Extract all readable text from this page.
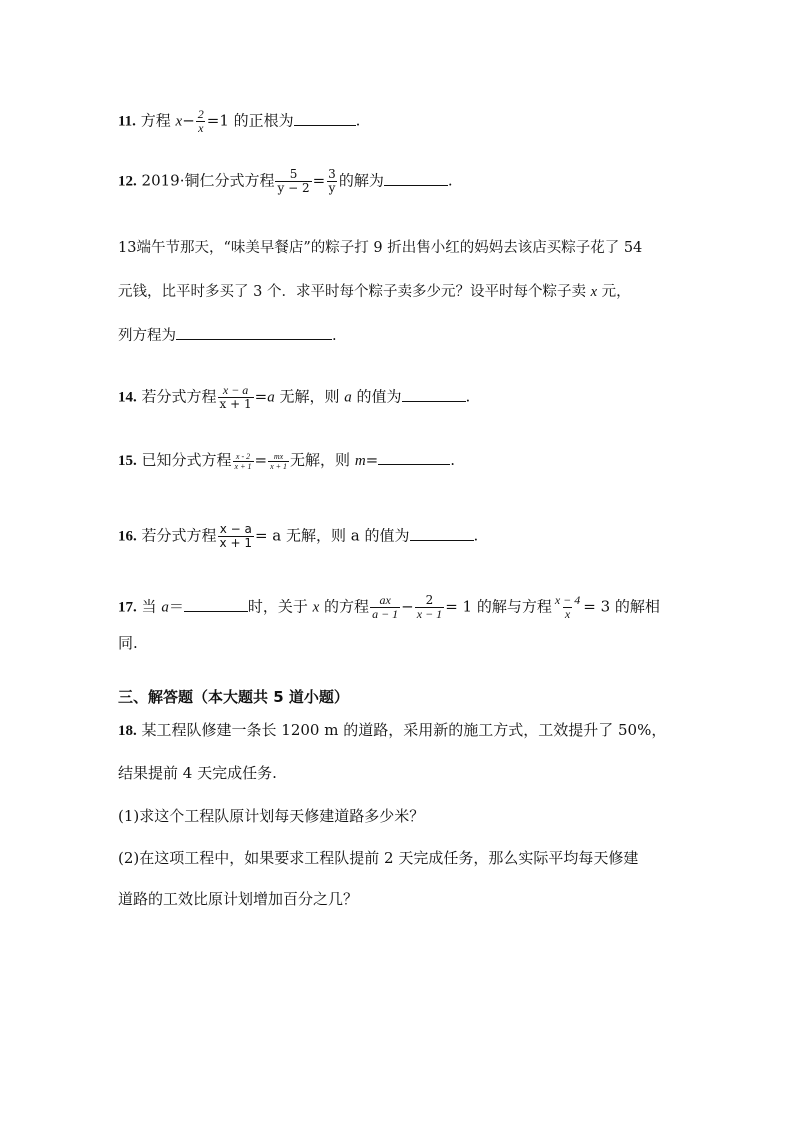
11. 方程 $x- \frac{2}{x} =1$ 的正根为	.
12. 2019·铜仁分式方程 $\frac{5}{y - 2} = \frac{3}{y}$ 的解为	.
13端午节那天，“味美早餐店”的粽子打 9 折出售小红的妈妈去该店买粽子花了 54
元钱，比平时多买了 3 个．求平时每个粽子卖多少元？设平时每个粽子卖 x 元，
列方程为	.
14. 若分式方程 $\frac{x - a}{x + 1} =a$ 无解，则 a 的值为	.
15. 已知分式方程 $\frac{x - 2}{x + 1} = \frac{mx}{x + 1}$ 无解，则 m=	.
16. 若分式方程 $\frac{x - a}{x + 1} = a$ 无解，则 a 的值为	.
17. 当 a＝	时，关于 x 的方程 $\frac{ax}{a - 1} - \frac{2}{x - 1} = 1$ 的解与方程 $\frac{x - 4}{x} = 3$ 的解相
同.
三、解答题（本大题共 5 道小题）
18. 某工程队修建一条长 1200 m 的道路，采用新的施工方式，工效提升了 50%，
结果提前 4 天完成任务.
(1)求这个工程队原计划每天修建道路多少米？
(2)在这项工程中，如果要求工程队提前 2 天完成任务，那么实际平均每天修建
道路的工效比原计划增加百分之几？
